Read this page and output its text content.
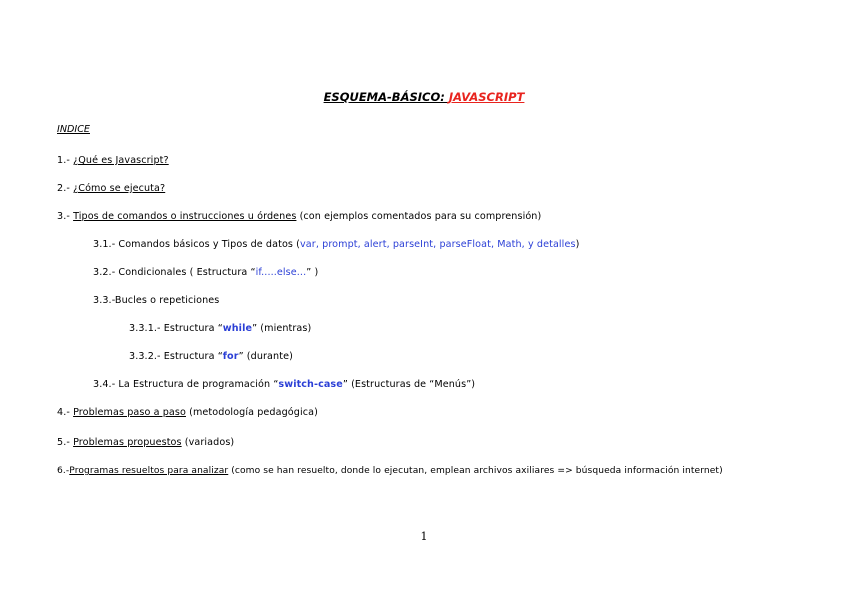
ESQUEMA-BÁSICO: JAVASCRIPT
INDICE
1.- ¿Qué es Javascript?
2.- ¿Cómo se ejecuta?
3.- Tipos de comandos o instrucciones u órdenes (con ejemplos comentados para su comprensión)
3.1.- Comandos básicos y Tipos de datos (var, prompt, alert, parseInt, parseFloat, Math, y detalles)
3.2.- Condicionales ( Estructura “if.....else...” )
3.3.-Bucles o repeticiones
3.3.1.- Estructura “while” (mientras)
3.3.2.- Estructura “for” (durante)
3.4.- La Estructura de programación “switch-case” (Estructuras de “Menús”)
4.- Problemas paso a paso (metodología pedagógica)
5.- Problemas propuestos (variados)
6.-Programas resueltos para analizar (como se han resuelto, donde lo ejecutan, emplean archivos axiliares => búsqueda información internet)
1
